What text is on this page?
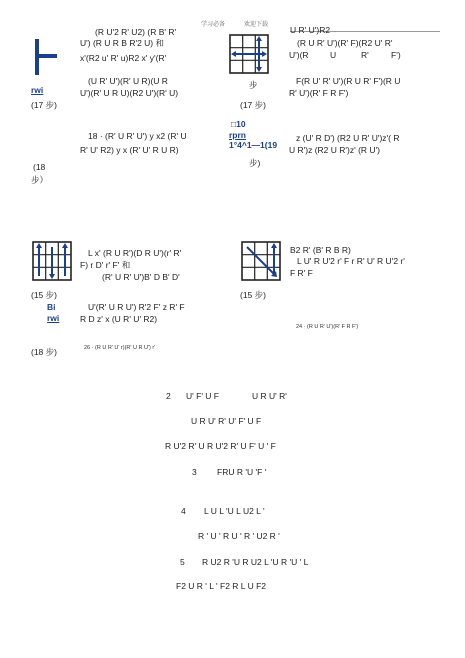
学习必备	欢迎下载
(R U'2 R' U2) (R B' R'
U') (R U R B R'2 U) 和
x'(R2 u' R' u)R2 x' y'(R'
(U R' U')(R' U R)(U R
U')(R' U R U)(R2 U')(R' U)
rwi
(17 步)
18 · (R' U R' U') y x2 (R' U
R' U' R2) y x (R' U' R U R)
(18
步）
U R' U')R2
(R U R' U')(R' F)(R2 U' R'
U')(R	U	R'	F')
步	F(R U' R' U')(R U R' F')(R U
R' U')(R' F R F')
(17 步)
□10
rprn
1°4^1—1(19
z (U' R D') (R2 U R' U')z'( R
U R')z (R2 U R')z' (R U')
步)
L x' (R U R')(D R U')(r' R'
F) r D' r' F' 和
(R' U R' U')B' D B' D'
(15 步)
Bi
rwi
U'(R' U R U') R'2 F' z R' F
R D z' x (U R' U' R2)
(18 步)	26 · (R U R' U' r)(R' U R U') r'
B2 R' (B' R B R)
L U' R U'2 r' F r R' U' R U'2 r'
F R' F
(15 步)
24 · (R U R' U')(R' F R F')
2 U' F' U F	U R U' R'
U R U' R' U' F' U F
R U'2 R' U R U'2 R' U F' U ' F
3 FRU R 'U 'F '
4 L U L 'U L U2 L '
R ' U ' R U ' R ' U2 R '
5 R U2 R 'U R U2 L 'U R 'U ' L
F2 U R ' L ' F2 R L U F2
